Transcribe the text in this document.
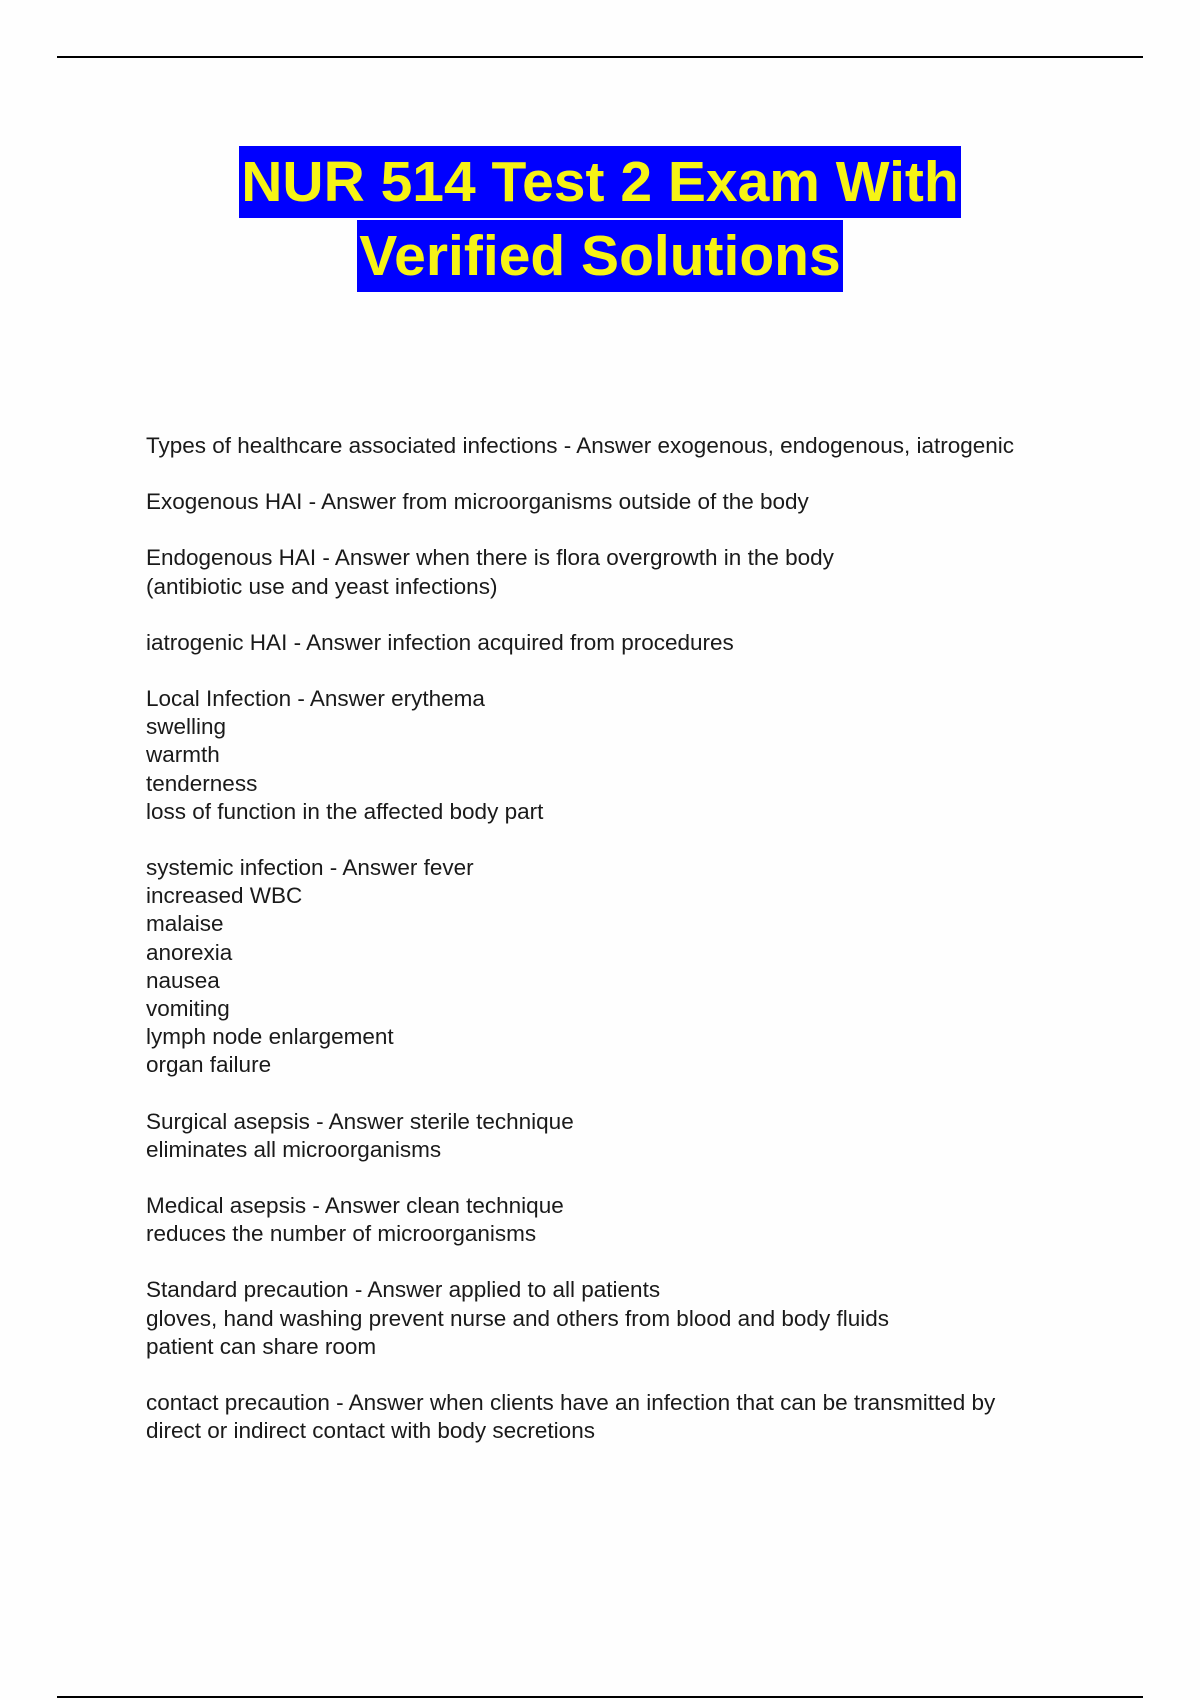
NUR 514 Test 2 Exam With
Verified Solutions
Types of healthcare associated infections - Answer exogenous, endogenous, iatrogenic
Exogenous HAI - Answer from microorganisms outside of the body
Endogenous HAI - Answer when there is flora overgrowth in the body
(antibiotic use and yeast infections)
iatrogenic HAI - Answer infection acquired from procedures
Local Infection - Answer erythema
swelling
warmth
tenderness
loss of function in the affected body part
systemic infection - Answer fever
increased WBC
malaise
anorexia
nausea
vomiting
lymph node enlargement
organ failure
Surgical asepsis - Answer sterile technique
eliminates all microorganisms
Medical asepsis - Answer clean technique
reduces the number of microorganisms
Standard precaution - Answer applied to all patients
gloves, hand washing prevent nurse and others from blood and body fluids
patient can share room
contact precaution - Answer when clients have an infection that can be transmitted by
direct or indirect contact with body secretions
